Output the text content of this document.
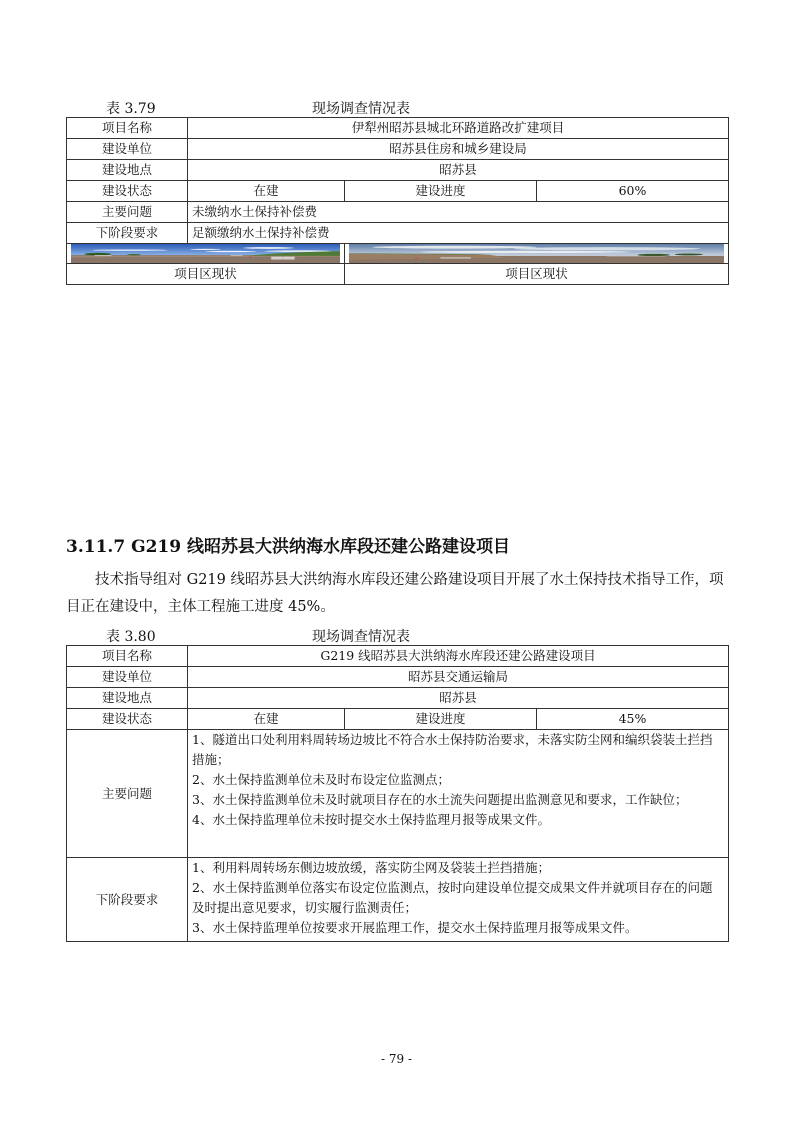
表 3.79	现场调查情况表
项目名称	伊犁州昭苏县城北环路道路改扩建项目		
建设单位	昭苏县住房和城乡建设局		
建设地点	昭苏县		
建设状态	在建	建设进度	60%
主要问题	未缴纳水土保持补偿费		
下阶段要求	足额缴纳水土保持补偿费		

项目区现状		项目区现状	
3.11.7 G219 线昭苏县大洪纳海水库段还建公路建设项目
技术指导组对 G219 线昭苏县大洪纳海水库段还建公路建设项目开展了水土保持技术指导工作，项目正在建设中，主体工程施工进度 45%。
表 3.80	现场调查情况表
项目名称	G219 线昭苏县大洪纳海水库段还建公路建设项目		
建设单位	昭苏县交通运输局		
建设地点	昭苏县		
建设状态	在建	建设进度	45%
主要问题	1、隧道出口处利用料周转场边坡比不符合水土保持防治要求，未落实防尘网和编织袋装土拦挡措施；
2、水土保持监测单位未及时布设定位监测点；
3、水土保持监测单位未及时就项目存在的水土流失问题提出监测意见和要求，工作缺位；
4、水土保持监理单位未按时提交水土保持监理月报等成果文件。		

下阶段要求	1、利用料周转场东侧边坡放缓，落实防尘网及袋装土拦挡措施；
2、水土保持监测单位落实布设定位监测点，按时向建设单位提交成果文件并就项目存在的问题及时提出意见要求，切实履行监测责任；
3、水土保持监理单位按要求开展监理工作，提交水土保持监理月报等成果文件。		
- 79 -
